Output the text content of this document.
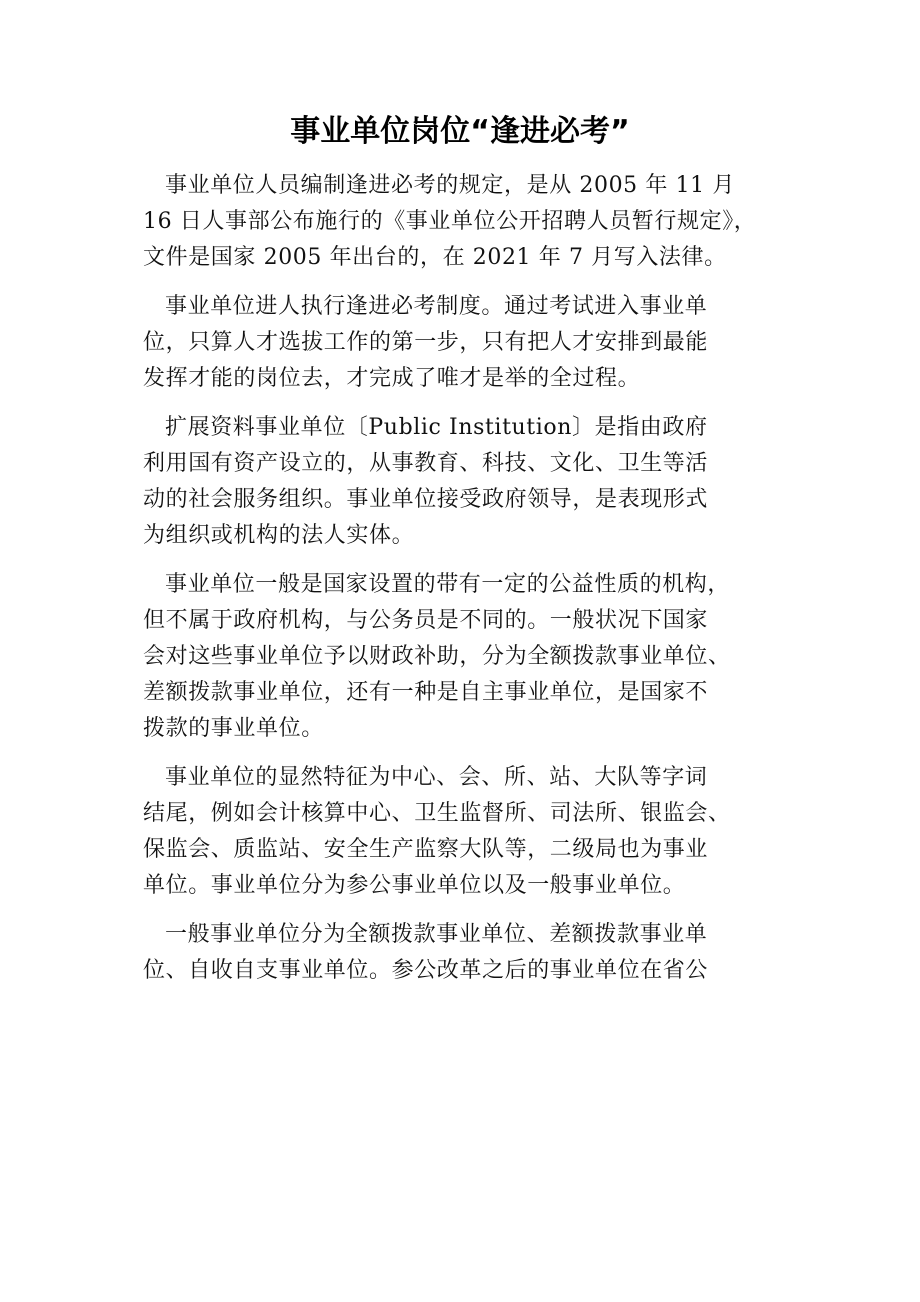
事业单位岗位“逢进必考”
事业单位人员编制逢进必考的规定，是从 2005 年 11 月
16 日人事部公布施行的《事业单位公开招聘人员暂行规定》，
文件是国家 2005 年出台的，在 2021 年 7 月写入法律。
事业单位进人执行逢进必考制度。通过考试进入事业单
位，只算人才选拔工作的第一步，只有把人才安排到最能
发挥才能的岗位去，才完成了唯才是举的全过程。
扩展资料事业单位〔Public Institution〕是指由政府
利用国有资产设立的，从事教育、科技、文化、卫生等活
动的社会服务组织。事业单位接受政府领导，是表现形式
为组织或机构的法人实体。
事业单位一般是国家设置的带有一定的公益性质的机构，
但不属于政府机构，与公务员是不同的。一般状况下国家
会对这些事业单位予以财政补助，分为全额拨款事业单位、
差额拨款事业单位，还有一种是自主事业单位，是国家不
拨款的事业单位。
事业单位的显然特征为中心、会、所、站、大队等字词
结尾，例如会计核算中心、卫生监督所、司法所、银监会、
保监会、质监站、安全生产监察大队等，二级局也为事业
单位。事业单位分为参公事业单位以及一般事业单位。
一般事业单位分为全额拨款事业单位、差额拨款事业单
位、自收自支事业单位。参公改革之后的事业单位在省公
